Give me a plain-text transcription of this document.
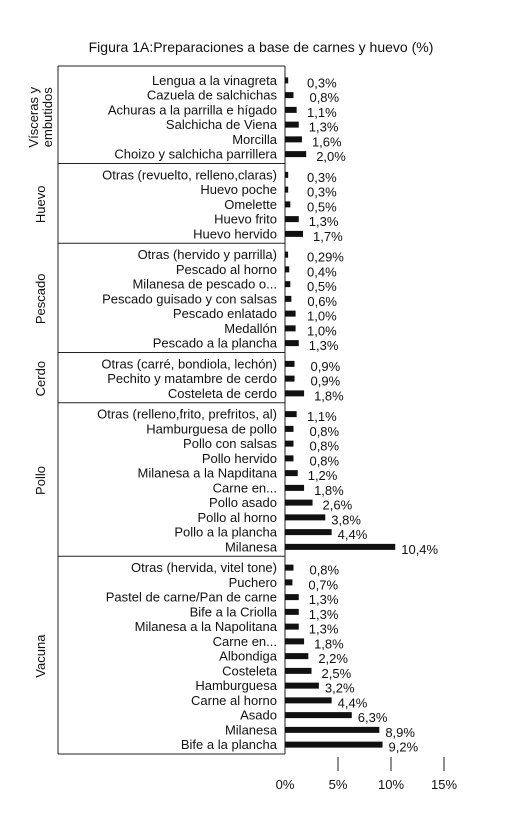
Figura 1A:Preparaciones a base de carnes y huevo (%)
Vísceras y embutidos
Huevo
Pescado
Cerdo
Pollo
Vacuna
Lengua a la vinagreta 0,3%
Cazuela de salchichas 0,8%
Achuras a la parrilla e hígado 1,1%
Salchicha de Viena 1,3%
Morcilla	1,6%
Choizo y salchicha parrillera	2,0%
Otras (revuelto, relleno,claras) 0,3%
Huevo poche 0,3%
Omelette 0,5%
Huevo frito 1,3%
Huevo hervido	1,7%
Otras (hervido y parrilla) 0,29%
Pescado al horno 0,4%
Milanesa de pescado o... 0,5%
Pescado guisado y con salsas 0,6%
Pescado enlatado 1,0%
Medallón 1,0%
Pescado a la plancha 1,3%
Otras (carré, bondiola, lechón)	0,9%
Pechito y matambre de cerdo	0,9%
Costeleta de cerdo	1,8%
Otras (relleno,frito, prefritos, al) 1,1%
Hamburguesa de pollo 0,8%
Pollo con salsas 0,8%
Pollo hervido 0,8%
Milanesa a la Napditana 1,2%
Carne en...	1,8%
Pollo asado	2,6%
Pollo al horno	3,8%
Pollo a la plancha	4,4%
Milanesa	10,4%
Otras (hervida, vitel tone) 0,8%
Puchero 0,7%
Pastel de carne/Pan de carne 1,3%
Bife a la Criolla 1,3%
Milanesa a la Napolitana 1,3%
Carne en...	1,8%
Albondiga	2,2%
Costeleta	2,5%
Hamburguesa	3,2%
Carne al horno	4,4%
Asado	6,3%
Milanesa	8,9%
Bife a la plancha	9,2%
0%	5% 10% 15%
